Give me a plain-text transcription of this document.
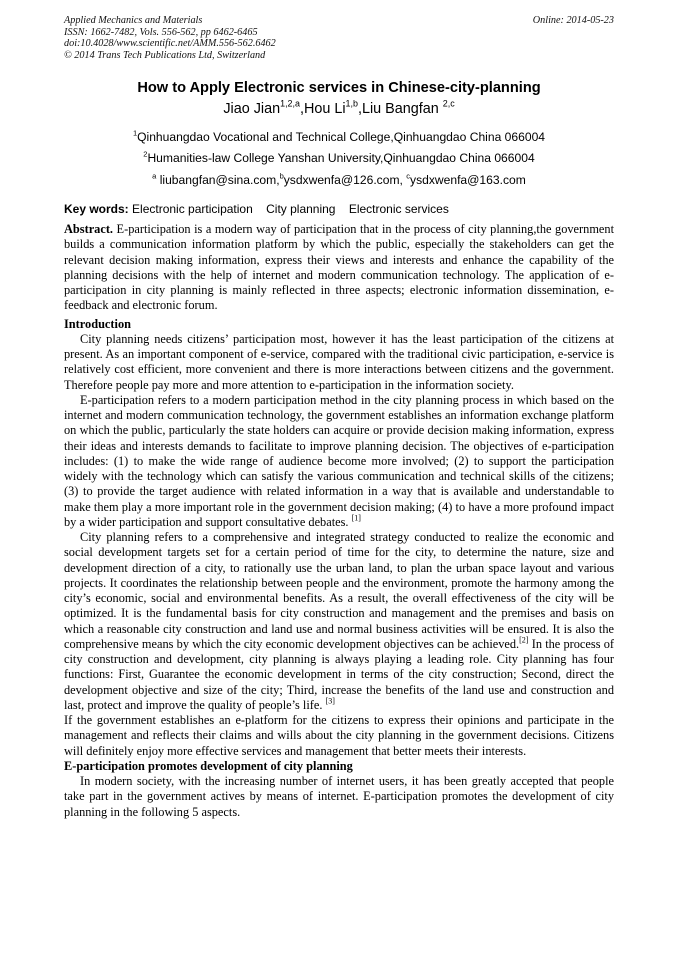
Applied Mechanics and Materials
ISSN: 1662-7482, Vols. 556-562, pp 6462-6465
doi:10.4028/www.scientific.net/AMM.556-562.6462
© 2014 Trans Tech Publications Ltd, Switzerland
Online: 2014-05-23
How to Apply Electronic services in Chinese-city-planning
Jiao Jian$^{1,2,a}$,Hou Li$^{1,b}$,Liu Bangfan $^{2,c}$
$^1$Qinhuangdao Vocational and Technical College,Qinhuangdao China 066004
$^2$Humanities-law College Yanshan University,Qinhuangdao China 066004
$^a$ liubangfan@sina.com,$^b$ysdxwenfa@126.com, $^c$ysdxwenfa@163.com
Key words: Electronic participation City planning Electronic services

Abstract. E-participation is a modern way of participation that in the process of city planning,the government builds a communication information platform by which the public, especially the stakeholders can get the relevant decision making information, express their views and interests and enhance the capability of the planning decisions with the help of internet and modern communication technology. The application of e-participation in city planning is mainly reflected in three aspects; electronic information dissemination, e-feedback and electronic forum.

Introduction

City planning needs citizens’ participation most, however it has the least participation of the citizens at present. As an important component of e-service, compared with the traditional civic participation, e-service is relatively cost efficient, more convenient and there is more interactions between citizens and the government. Therefore people pay more and more attention to e-participation in the information society.

E-participation refers to a modern participation method in the city planning process in which based on the internet and modern communication technology, the government establishes an information exchange platform on which the public, particularly the state holders can acquire or provide decision making information, express their ideas and interests demands to facilitate to improve planning decision. The objectives of e-participation includes: (1) to make the wide range of audience become more involved; (2) to support the participation widely with the technology which can satisfy the various communication and technical skills of the citizens; (3) to provide the target audience with related information in a way that is available and understandable to make them play a more important role in the government decision making; (4) to have a more profound impact by a wider participation and support consultative debates. [1]

City planning refers to a comprehensive and integrated strategy conducted to realize the economic and social development targets set for a certain period of time for the city, to determine the nature, size and development direction of a city, to rationally use the urban land, to plan the urban space layout and various projects. It coordinates the relationship between people and the environment, promote the harmony among the city’s economic, social and environmental benefits. As a result, the overall effectiveness of the city will be optimized. It is the fundamental basis for city construction and management and the premises and basis on which a reasonable city construction and land use and normal business activities will be ensured. It is also the comprehensive means by which the city economic development objectives can be achieved.[2] In the process of city construction and development, city planning is always playing a leading role. City planning has four functions: First, Guarantee the economic development in terms of the city construction; Second, direct the development objective and size of the city; Third, increase the benefits of the land use and construction and last, protect and improve the quality of people’s life. [3]

If the government establishes an e-platform for the citizens to express their opinions and participate in the management and reflects their claims and wills about the city planning in the government decisions. Citizens will definitely enjoy more effective services and management that better meets their interests.

E-participation promotes development of city planning

In modern society, with the increasing number of internet users, it has been greatly accepted that people take part in the government actives by means of internet. E-participation promotes the development of city planning in the following 5 aspects.
